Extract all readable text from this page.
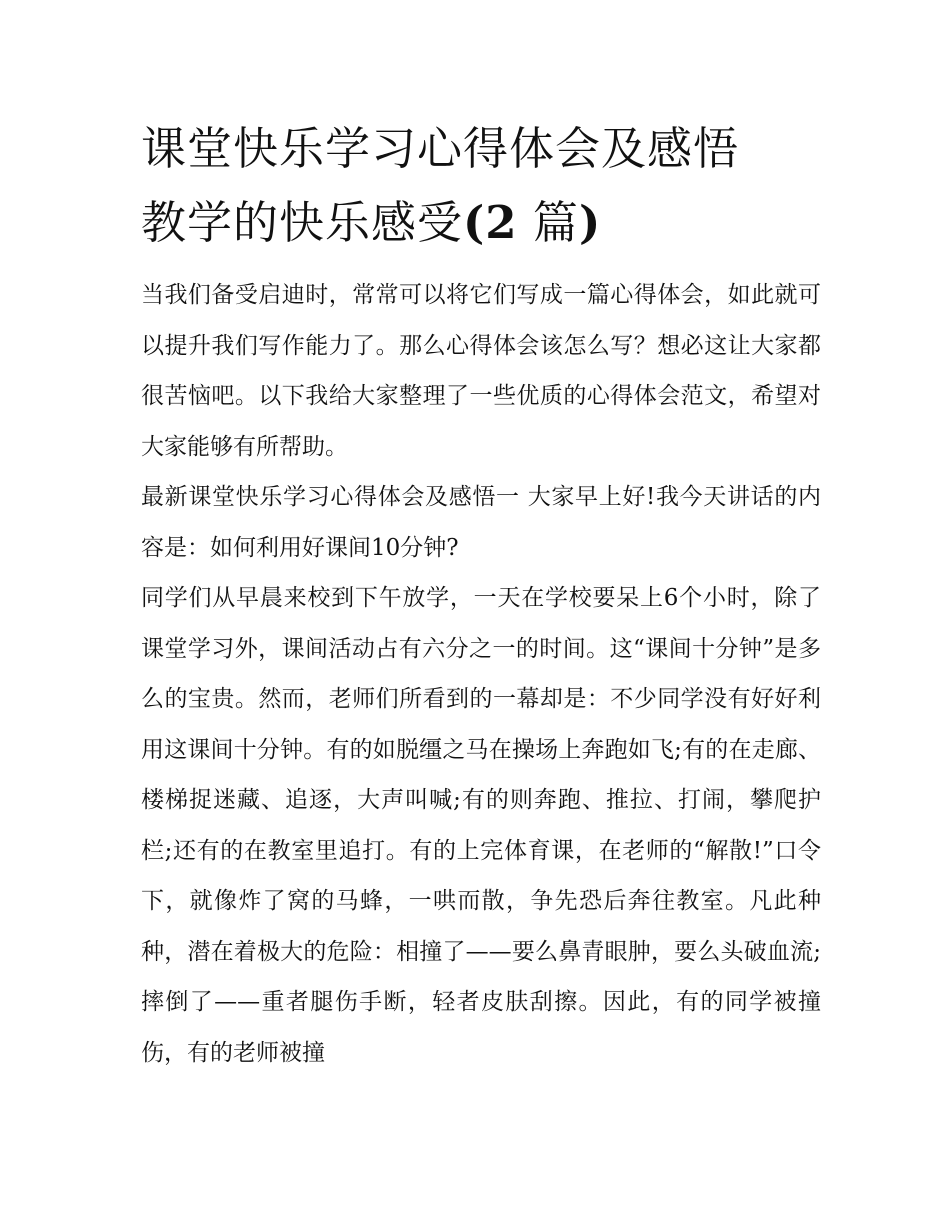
课堂快乐学习心得体会及感悟
教学的快乐感受(2 篇)

当我们备受启迪时，常常可以将它们写成一篇心得体会，如此就可以提升我们写作能力了。那么心得体会该怎么写？想必这让大家都很苦恼吧。以下我给大家整理了一些优质的心得体会范文，希望对大家能够有所帮助。

最新课堂快乐学习心得体会及感悟一 大家早上好!我今天讲话的内容是：如何利用好课间10分钟?

同学们从早晨来校到下午放学，一天在学校要呆上6个小时，除了课堂学习外，课间活动占有六分之一的时间。这“课间十分钟”是多么的宝贵。然而，老师们所看到的一幕却是：不少同学没有好好利用这课间十分钟。有的如脱缰之马在操场上奔跑如飞;有的在走廊、楼梯捉迷藏、追逐，大声叫喊;有的则奔跑、推拉、打闹，攀爬护栏;还有的在教室里追打。有的上完体育课，在老师的“解散!”口令下，就像炸了窝的马蜂，一哄而散，争先恐后奔往教室。凡此种种，潜在着极大的危险：相撞了——要么鼻青眼肿，要么头破血流;摔倒了——重者腿伤手断，轻者皮肤刮擦。因此，有的同学被撞伤，有的老师被撞
